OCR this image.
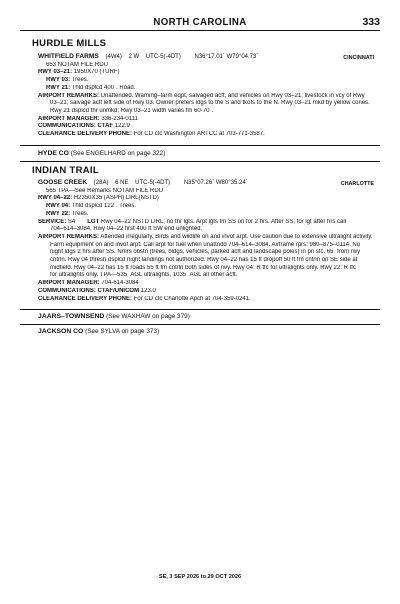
NORTH CAROLINA	333
HURDLE MILLS
CINCINNATI
WHITFIELD FARMS (4W4) 2 W UTC-5(-4DT) N36°17.01´ W79°04.73´
653 NOTAM FILE RDU
RWY 03–21: 1950X70 (TURF)
RWY 03: Trees.
RWY 21: Thld dsplcd 400´. Road.
AIRPORT REMARKS: Unattended. Warning–farm eqpt, salvaged acft, and vehicles on Rwy 03–21; livestock in vcy of Rwy
03–21; salvage acft left side of Rwy 03. Owner prefers ldgs to the S and tkofs to the N. Rwy 03–21 mkd by yellow cones.
Rwy 21 dsplcd thr unmkd; Rwy 03–21 width varies fm 60-70´.
AIRPORT MANAGER: 336-234-0111
COMMUNICATIONS: CTAF 122.9
CLEARANCE DELIVERY PHONE: For CD ctc Washington ARTCC at 703-771-3587.
HYDE CO (See ENGELHARD on page 322)
INDIAN TRAIL
CHARLOTTE
GOOSE CREEK (28A) 6 NE UTC-5(-4DT) N35°07.26´ W80°35.24´
565 TPA—See Remarks NOTAM FILE RDU
RWY 04–22: H2350X35 (ASPH) LIRL(NSTD)
RWY 04: Thld dsplcd 122´. Trees.
RWY 22: Trees.
SERVICE: S4 LGT Rwy 04–22 NSTD LIRL; no thr lgts. Arpt lgts fm SS on for 2 hrs. After SS; for lgt after hrs call
704–614–3084. Rwy 04–22 first 400 ft SW end unlighted.
AIRPORT REMARKS: Attended irregularly. Birds and wildlife on and invof arpt. Use caution due to extensive ultralight activity.
Farm equipment on and invof arpt. Call arpt for fuel when unattndd 704–614–3084. Airframe rprs: 980–875–0114. No
night ldgs 2 hrs after SS. Nmrs obstn (trees, bldgs, vehicles, parked acft and landscape poles) in pri sfc. 65´ from rwy
cntrln. Rwy 04 thresh dsplcd night landings not authorized. Rwy 04–22 has 15 ft dropoff 50 ft fm cntrln on SE side at
midfield. Rwy 04–22 has 15 ft roads 55 ft fm cntrln both sides of rwy. Rwy 04: R tfc for ultralights only. Rwy 22: R tfc
for ultralights only. TPA—535´ AGL ultralights, 1035´ AGL all other acft.
AIRPORT MANAGER: 704-614-3084
COMMUNICATIONS: CTAF/UNICOM 123.0
CLEARANCE DELIVERY PHONE: For CD ctc Charlotte Apch at 704-359-0241.
JAARS–TOWNSEND (See WAXHAW on page 379)
JACKSON CO (See SYLVA on page 373)
SE, 3 SEP 2026 to 29 OCT 2026
